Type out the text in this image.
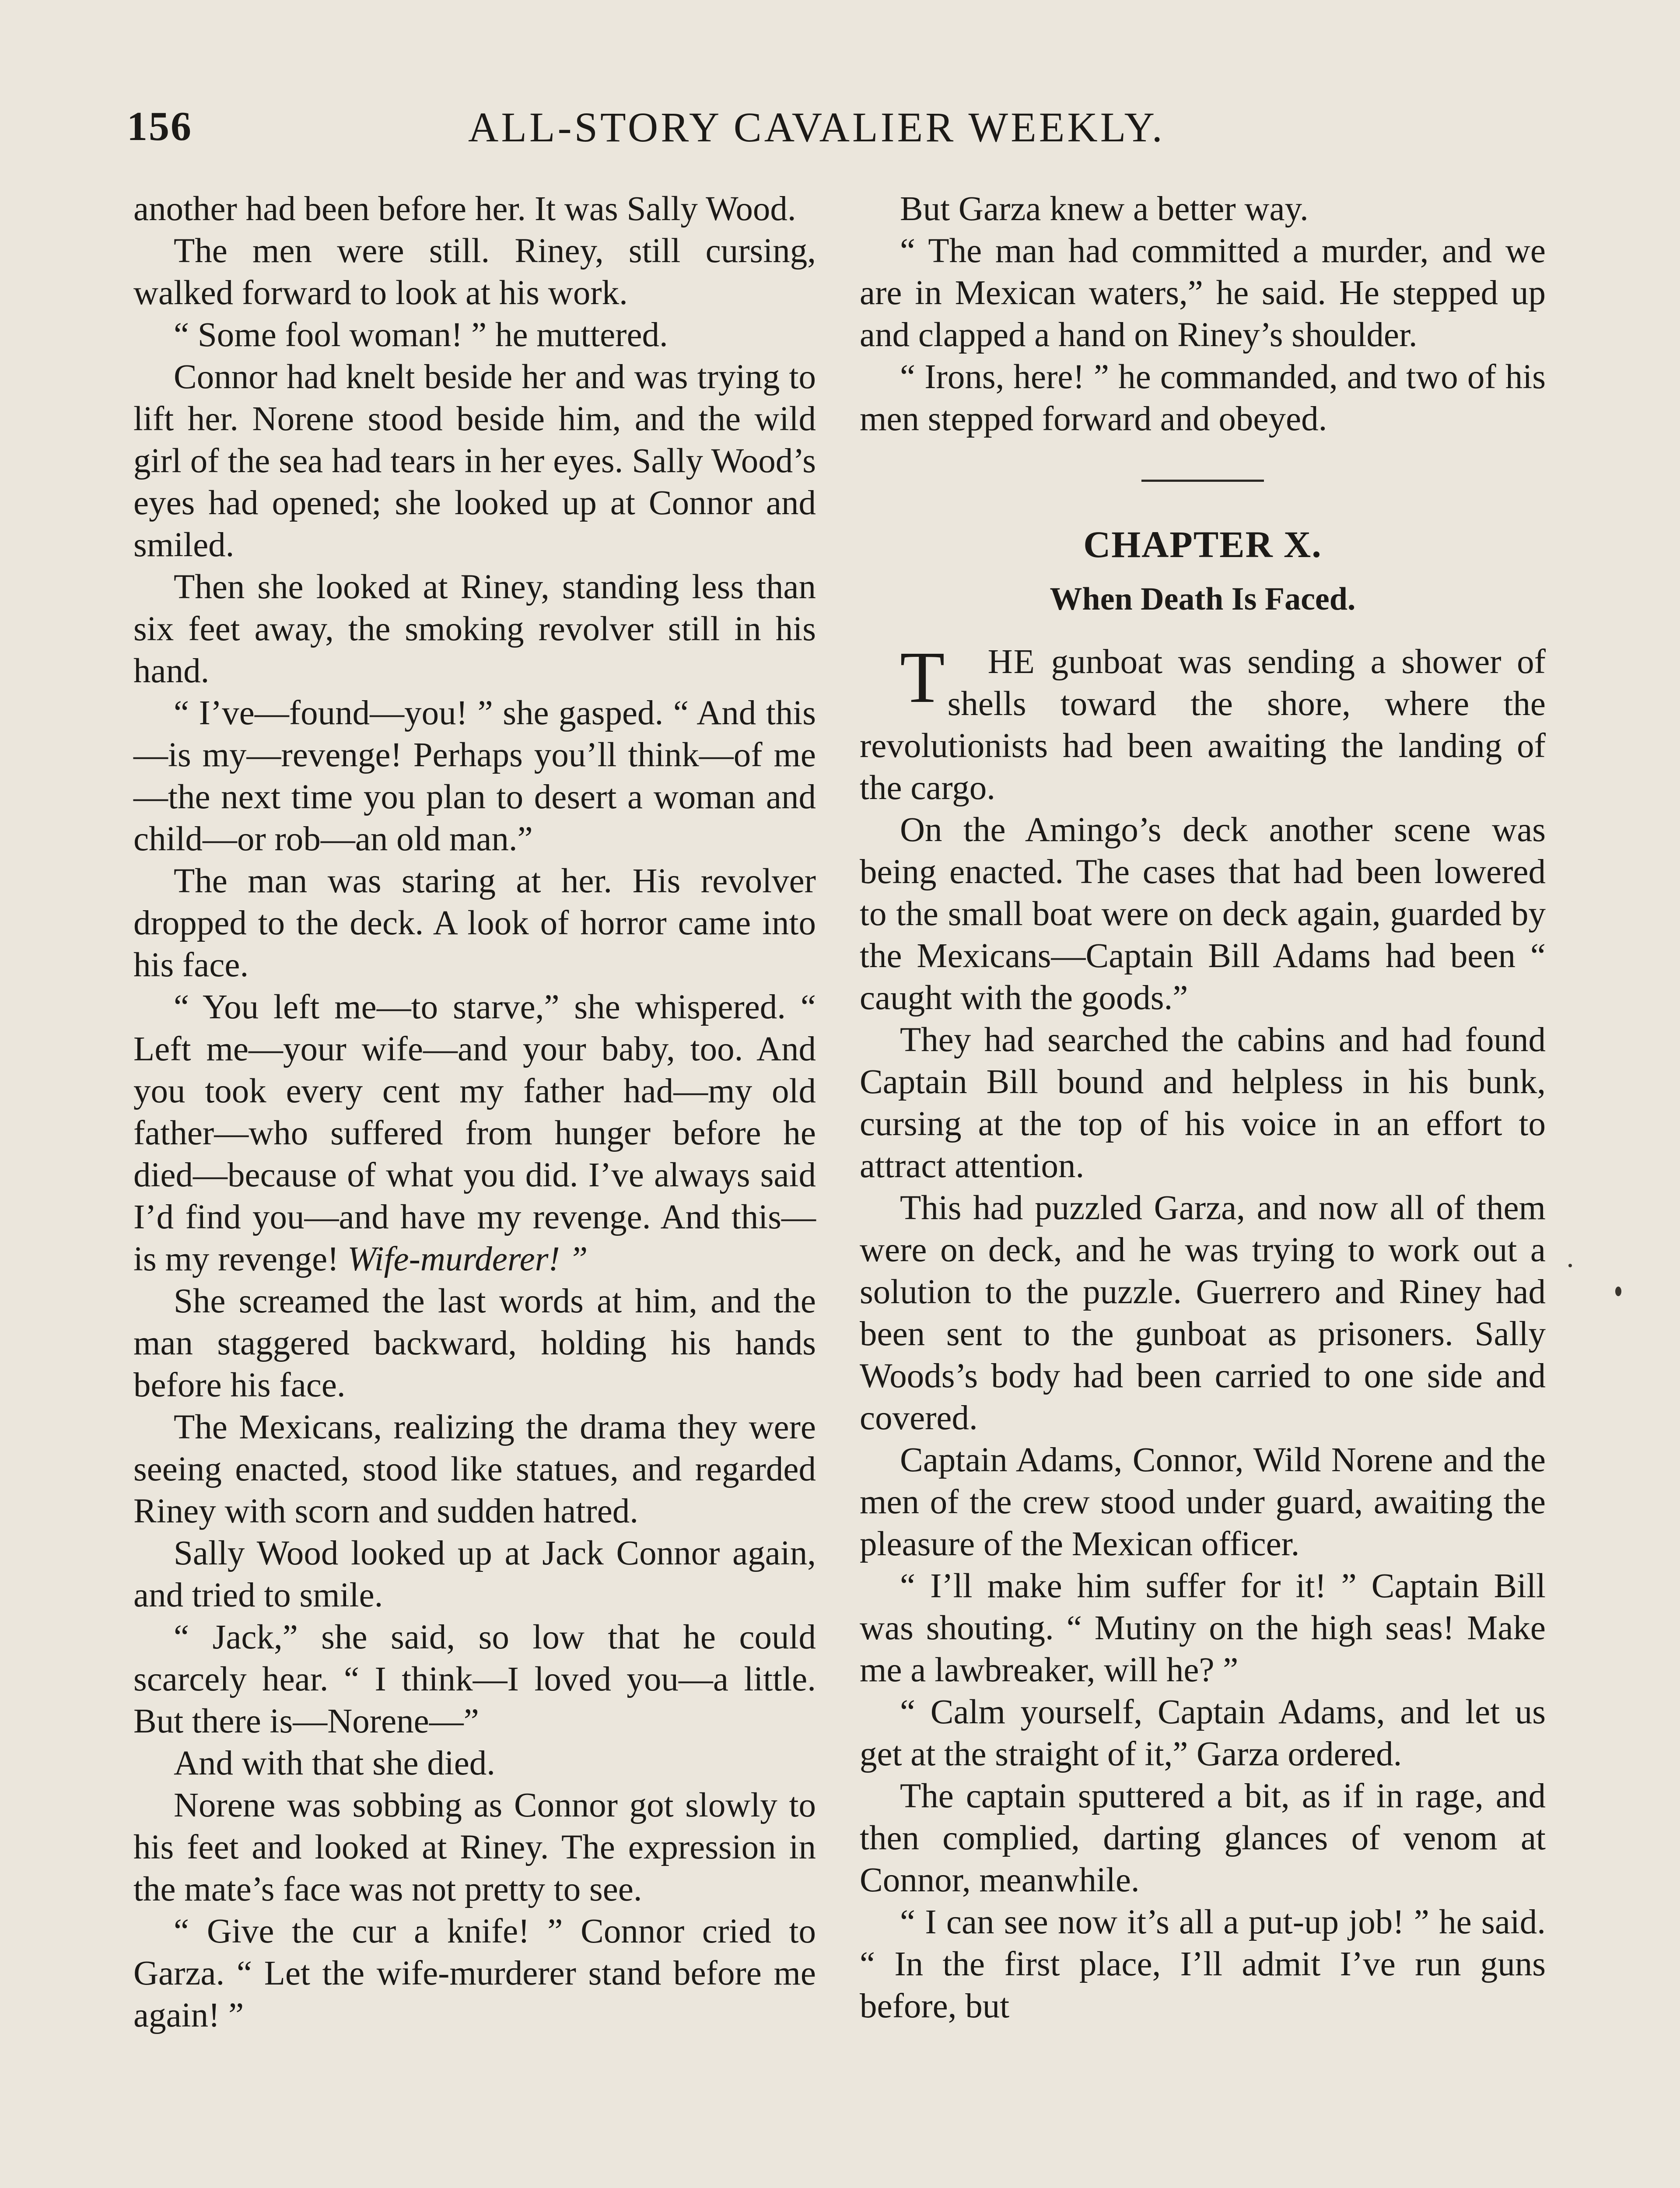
156	ALL-STORY CAVALIER WEEKLY.

another had been before her. It was Sally Wood.

The men were still. Riney, still cursing, walked forward to look at his work.

“ Some fool woman! ” he muttered.

Connor had knelt beside her and was trying to lift her. Norene stood beside him, and the wild girl of the sea had tears in her eyes. Sally Wood’s eyes had opened; she looked up at Connor and smiled.

Then she looked at Riney, standing less than six feet away, the smoking revolver still in his hand.

“ I’ve—found—you! ” she gasped. “ And this—is my—revenge! Perhaps you’ll think—of me—the next time you plan to desert a woman and child—or rob—an old man.”

The man was staring at her. His revolver dropped to the deck. A look of horror came into his face.

“ You left me—to starve,” she whispered. “ Left me—your wife—and your baby, too. And you took every cent my father had—my old father—who suffered from hunger before he died—because of what you did. I’ve always said I’d find you—and have my revenge. And this—is my revenge! Wife-murderer! ”

She screamed the last words at him, and the man staggered backward, holding his hands before his face.

The Mexicans, realizing the drama they were seeing enacted, stood like statues, and regarded Riney with scorn and sudden hatred.

Sally Wood looked up at Jack Connor again, and tried to smile.

“ Jack,” she said, so low that he could scarcely hear. “ I think—I loved you—a little. But there is—Norene—”

And with that she died.

Norene was sobbing as Connor got slowly to his feet and looked at Riney. The expression in the mate’s face was not pretty to see.

“ Give the cur a knife! ” Connor cried to Garza. “ Let the wife-murderer stand before me again! ”

But Garza knew a better way.

“ The man had committed a murder, and we are in Mexican waters,” he said. He stepped up and clapped a hand on Riney’s shoulder.

“ Irons, here! ” he commanded, and two of his men stepped forward and obeyed.

CHAPTER X.
When Death Is Faced.

T HE gunboat was sending a shower of shells toward the shore, where the revolutionists had been awaiting the landing of the cargo.

On the Amingo’s deck another scene was being enacted. The cases that had been lowered to the small boat were on deck again, guarded by the Mexicans—Captain Bill Adams had been “ caught with the goods.”

They had searched the cabins and had found Captain Bill bound and helpless in his bunk, cursing at the top of his voice in an effort to attract attention.

This had puzzled Garza, and now all of them were on deck, and he was trying to work out a solution to the puzzle. Guerrero and Riney had been sent to the gunboat as prisoners. Sally Woods’s body had been carried to one side and covered.

Captain Adams, Connor, Wild Norene and the men of the crew stood under guard, awaiting the pleasure of the Mexican officer.

“ I’ll make him suffer for it! ” Captain Bill was shouting. “ Mutiny on the high seas! Make me a lawbreaker, will he? ”

“ Calm yourself, Captain Adams, and let us get at the straight of it,” Garza ordered.

The captain sputtered a bit, as if in rage, and then complied, darting glances of venom at Connor, meanwhile.

“ I can see now it’s all a put-up job! ” he said. “ In the first place, I’ll admit I’ve run guns before, but
